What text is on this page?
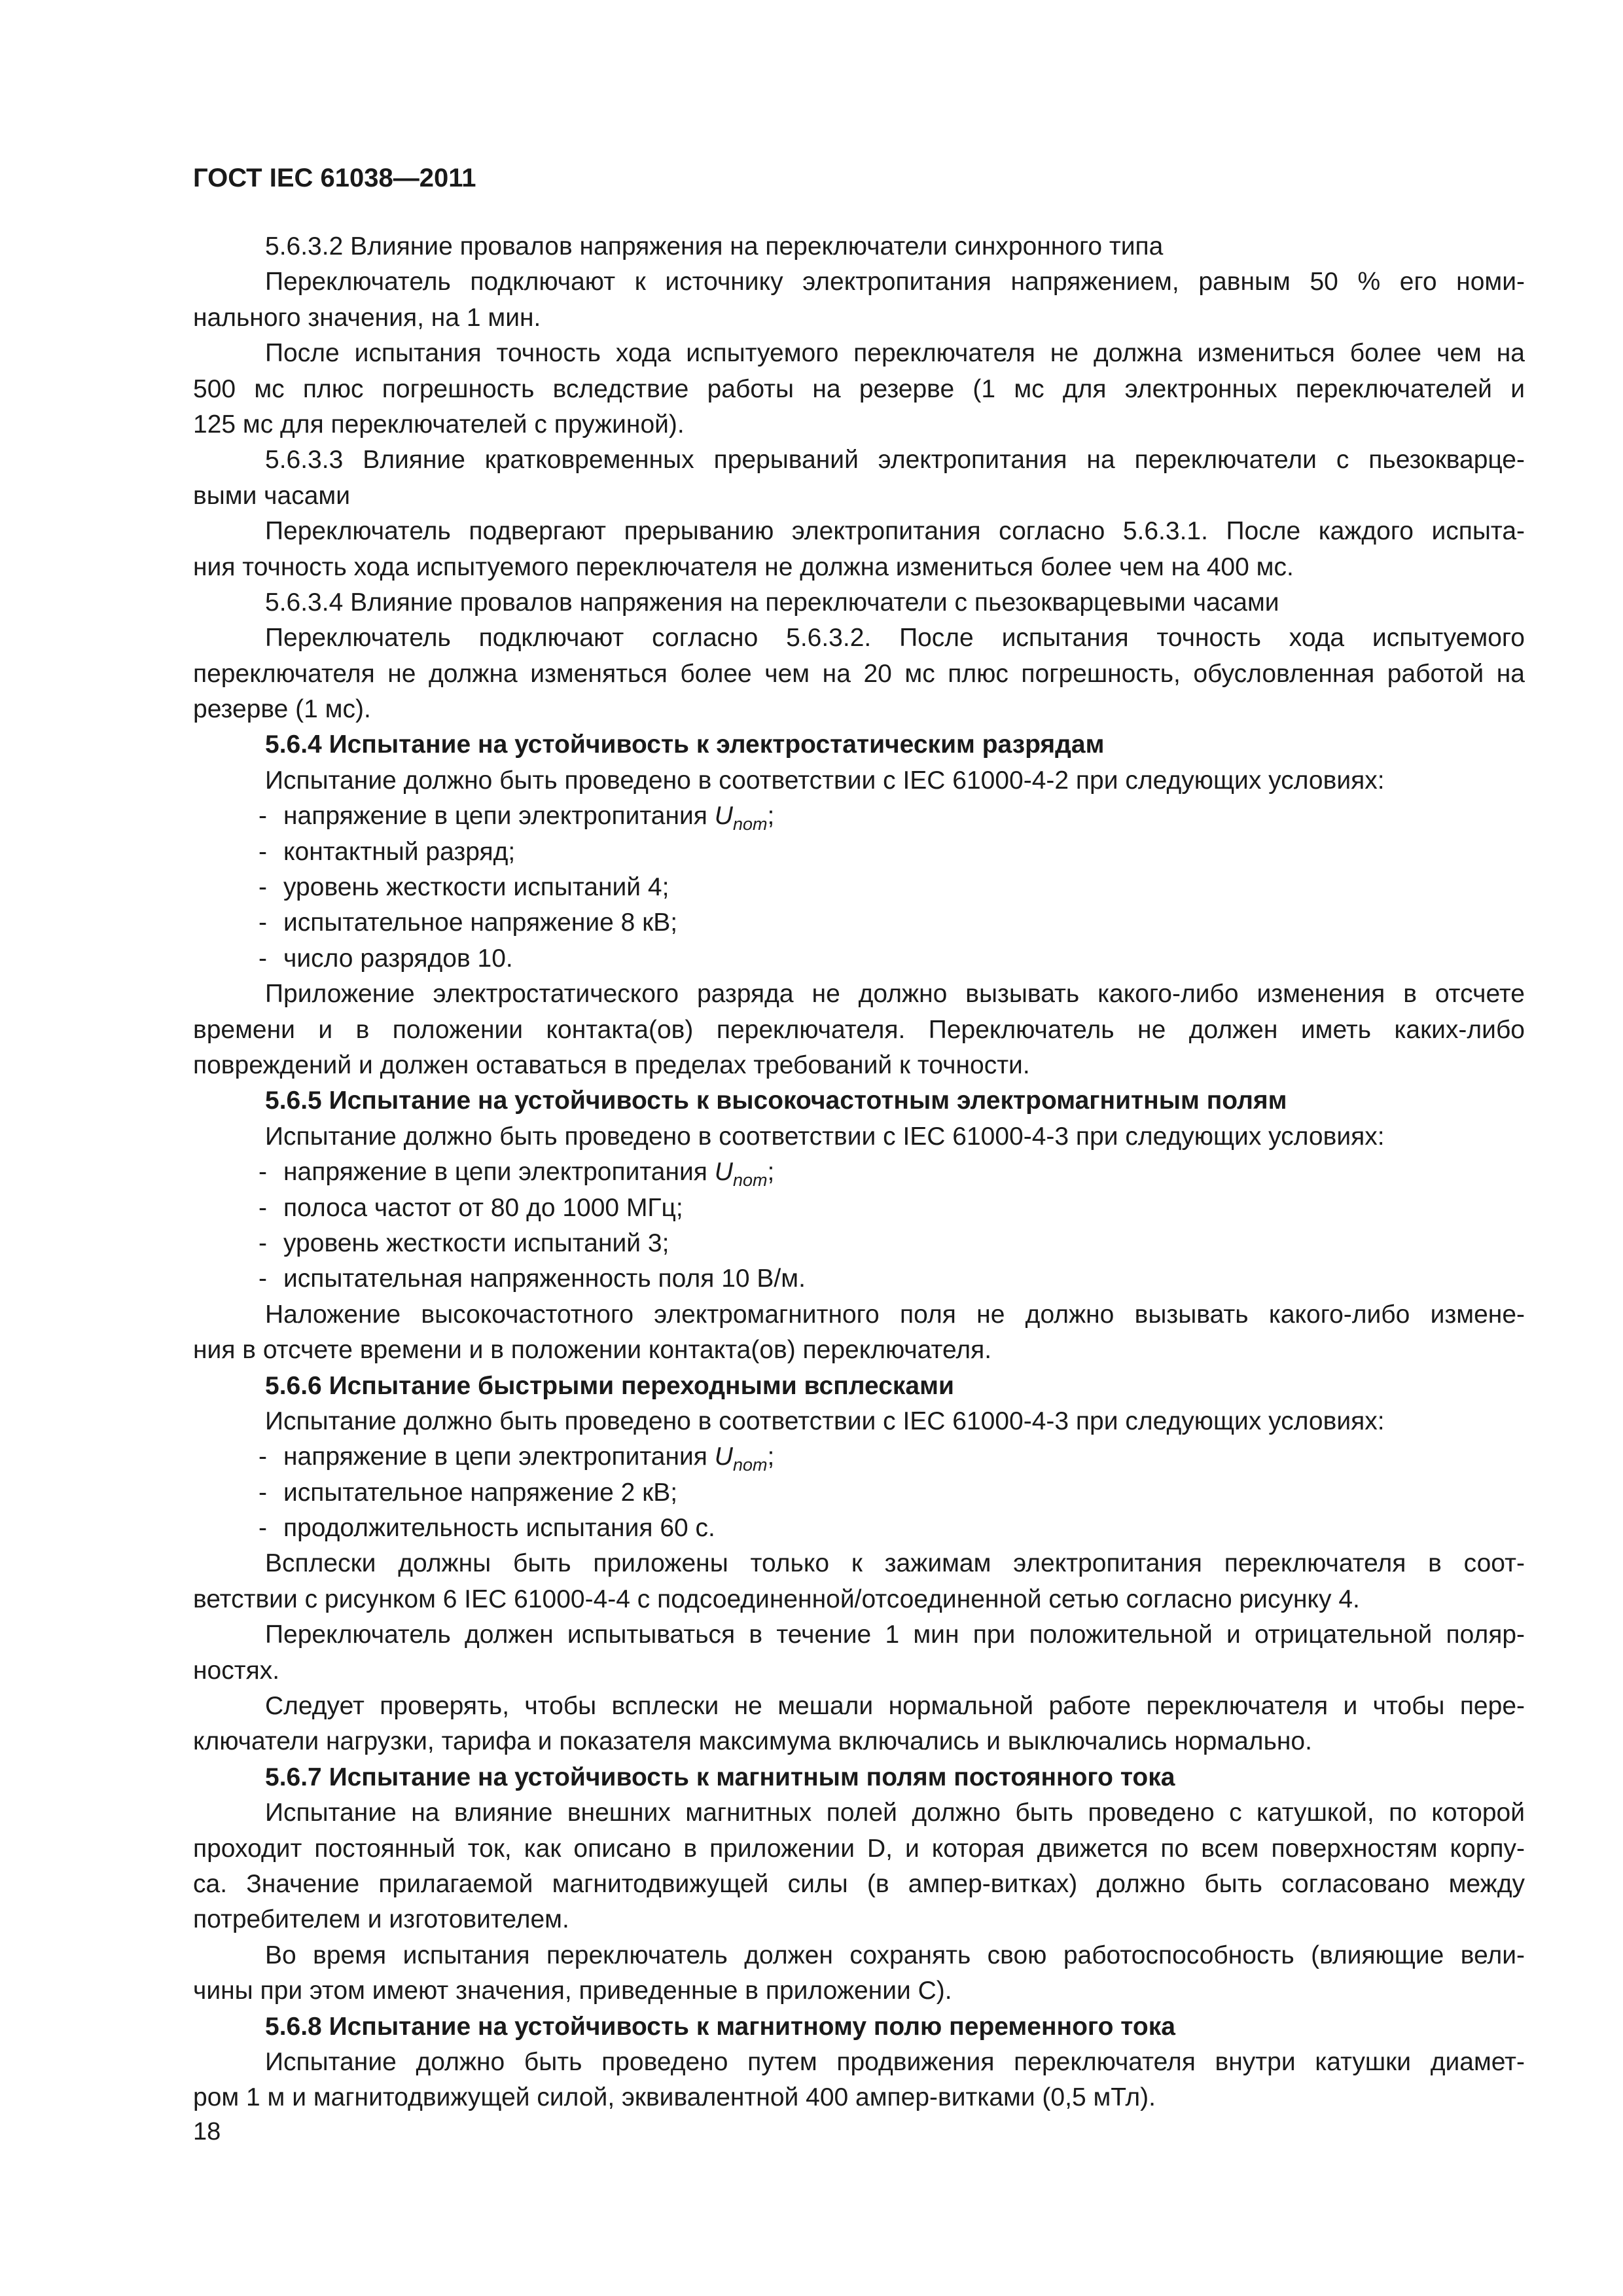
ГОСТ IEC 61038—2011
5.6.3.2 Влияние провалов напряжения на переключатели синхронного типа
Переключатель подключают к источнику электропитания напряжением, равным 50 % его номи-
нального значения, на 1 мин.
После испытания точность хода испытуемого переключателя не должна измениться более чем на
500 мс плюс погрешность вследствие работы на резерве (1 мс для электронных переключателей и
125 мс для переключателей с пружиной).
5.6.3.3 Влияние кратковременных прерываний электропитания на переключатели с пьезокварце-
выми часами
Переключатель подвергают прерыванию электропитания согласно 5.6.3.1. После каждого испыта-
ния точность хода испытуемого переключателя не должна измениться более чем на 400 мс.
5.6.3.4 Влияние провалов напряжения на переключатели с пьезокварцевыми часами
Переключатель подключают согласно 5.6.3.2. После испытания точность хода испытуемого
переключателя не должна изменяться более чем на 20 мс плюс погрешность, обусловленная работой на
резерве (1 мс).
5.6.4 Испытание на устойчивость к электростатическим разрядам
Испытание должно быть проведено в соответствии с IEC 61000-4-2 при следующих условиях:
- напряжение в цепи электропитания $U_{nom}$;
- контактный разряд;
- уровень жесткости испытаний 4;
- испытательное напряжение 8 кВ;
- число разрядов 10.
Приложение электростатического разряда не должно вызывать какого-либо изменения в отсчете
времени и в положении контакта(ов) переключателя. Переключатель не должен иметь каких-либо
повреждений и должен оставаться в пределах требований к точности.
5.6.5 Испытание на устойчивость к высокочастотным электромагнитным полям
Испытание должно быть проведено в соответствии с IEC 61000-4-3 при следующих условиях:
- напряжение в цепи электропитания $U_{nom}$;
- полоса частот от 80 до 1000 МГц;
- уровень жесткости испытаний 3;
- испытательная напряженность поля 10 В/м.
Наложение высокочастотного электромагнитного поля не должно вызывать какого-либо измене-
ния в отсчете времени и в положении контакта(ов) переключателя.
5.6.6 Испытание быстрыми переходными всплесками
Испытание должно быть проведено в соответствии с IEC 61000-4-3 при следующих условиях:
- напряжение в цепи электропитания $U_{nom}$;
- испытательное напряжение 2 кВ;
- продолжительность испытания 60 с.
Всплески должны быть приложены только к зажимам электропитания переключателя в соот-
ветствии с рисунком 6 IEC 61000-4-4 с подсоединенной/отсоединенной сетью согласно рисунку 4.
Переключатель должен испытываться в течение 1 мин при положительной и отрицательной поляр-
ностях.
Следует проверять, чтобы всплески не мешали нормальной работе переключателя и чтобы пере-
ключатели нагрузки, тарифа и показателя максимума включались и выключались нормально.
5.6.7 Испытание на устойчивость к магнитным полям постоянного тока
Испытание на влияние внешних магнитных полей должно быть проведено с катушкой, по которой
проходит постоянный ток, как описано в приложении D, и которая движется по всем поверхностям корпу-
са. Значение прилагаемой магнитодвижущей силы (в ампер-витках) должно быть согласовано между
потребителем и изготовителем.
Во время испытания переключатель должен сохранять свою работоспособность (влияющие вели-
чины при этом имеют значения, приведенные в приложении С).
5.6.8 Испытание на устойчивость к магнитному полю переменного тока
Испытание должно быть проведено путем продвижения переключателя внутри катушки диамет-
ром 1 м и магнитодвижущей силой, эквивалентной 400 ампер-витками (0,5 мТл).
18
